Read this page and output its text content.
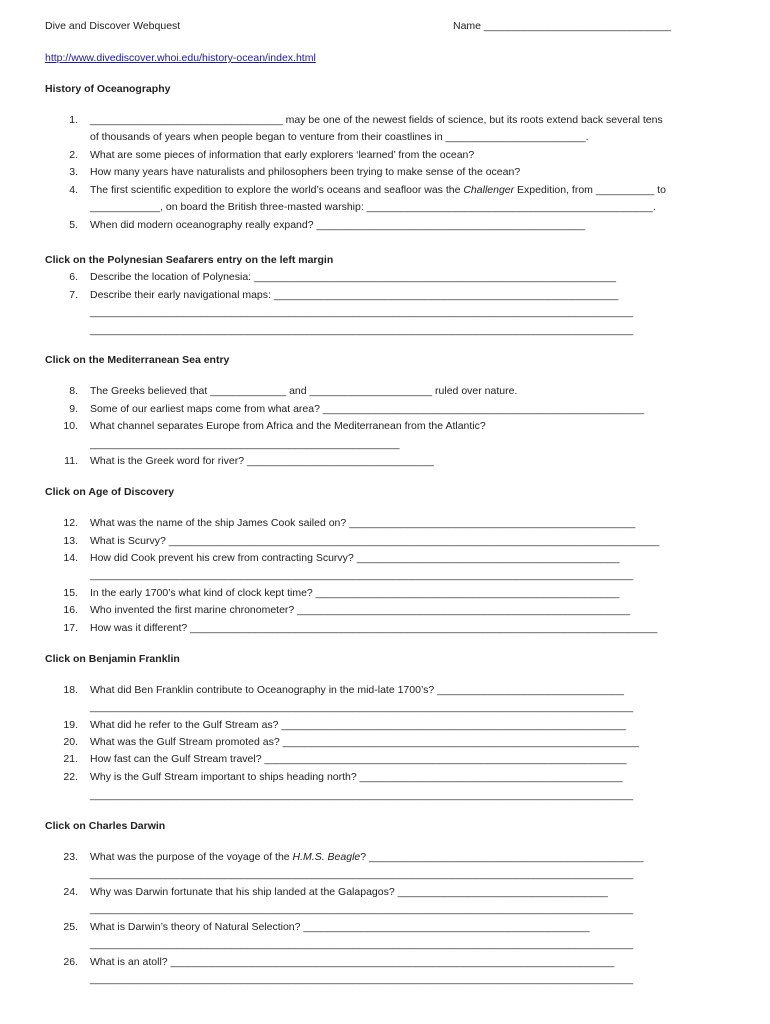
Dive and Discover Webquest	Name ________________________________
http://www.divediscover.whoi.edu/history-ocean/index.html
History of Oceanography
1. _________________________________ may be one of the newest fields of science, but its roots extend back several tens
of thousands of years when people began to venture from their coastlines in ________________________.
2. What are some pieces of information that early explorers ‘learned’ from the ocean?
3. How many years have naturalists and philosophers been trying to make sense of the ocean?
4. The first scientific expedition to explore the world’s oceans and seafloor was the Challenger Expedition, from __________ to
____________, on board the British three-masted warship: _________________________________________________.
5. When did modern oceanography really expand? ______________________________________________
Click on the Polynesian Seafarers entry on the left margin
6. Describe the location of Polynesia: ______________________________________________________________
7. Describe their early navigational maps: ___________________________________________________________
_____________________________________________________________________________________________
_____________________________________________________________________________________________
Click on the Mediterranean Sea entry
8. The Greeks believed that _____________ and _____________________ ruled over nature.
9. Some of our earliest maps come from what area? _______________________________________________________
10. What channel separates Europe from Africa and the Mediterranean from the Atlantic?
_____________________________________________________
11. What is the Greek word for river? ________________________________
Click on Age of Discovery
12. What was the name of the ship James Cook sailed on? _________________________________________________
13. What is Scurvy? ____________________________________________________________________________________
14. How did Cook prevent his crew from contracting Scurvy? _____________________________________________
_____________________________________________________________________________________________
15. In the early 1700’s what kind of clock kept time? ____________________________________________________
16. Who invented the first marine chronometer? _________________________________________________________
17. How was it different? ________________________________________________________________________________
Click on Benjamin Franklin
18. What did Ben Franklin contribute to Oceanography in the mid-late 1700’s? ________________________________
_____________________________________________________________________________________________
19. What did he refer to the Gulf Stream as? ___________________________________________________________
20. What was the Gulf Stream promoted as? _____________________________________________________________
21. How fast can the Gulf Stream travel? ______________________________________________________________
22. Why is the Gulf Stream important to ships heading north? _____________________________________________
_____________________________________________________________________________________________
Click on Charles Darwin
23. What was the purpose of the voyage of the H.M.S. Beagle? _______________________________________________
_____________________________________________________________________________________________
24. Why was Darwin fortunate that his ship landed at the Galapagos? ____________________________________
_____________________________________________________________________________________________
25. What is Darwin’s theory of Natural Selection? _________________________________________________
_____________________________________________________________________________________________
26. What is an atoll? ____________________________________________________________________________
_____________________________________________________________________________________________
